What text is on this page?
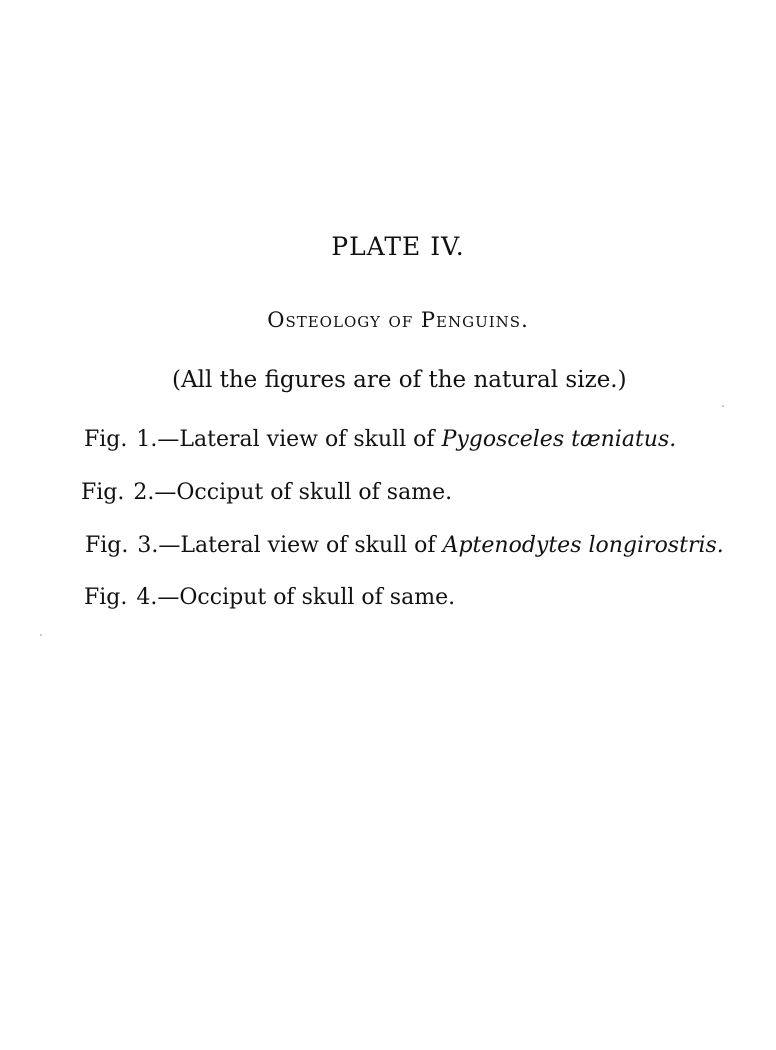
PLATE IV.
Osteology of Penguins.
(All the figures are of the natural size.)
Fig. 1.—Lateral view of skull of Pygosceles tæniatus.
Fig. 2.—Occiput of skull of same.
Fig. 3.—Lateral view of skull of Aptenodytes longirostris.
Fig. 4.—Occiput of skull of same.
